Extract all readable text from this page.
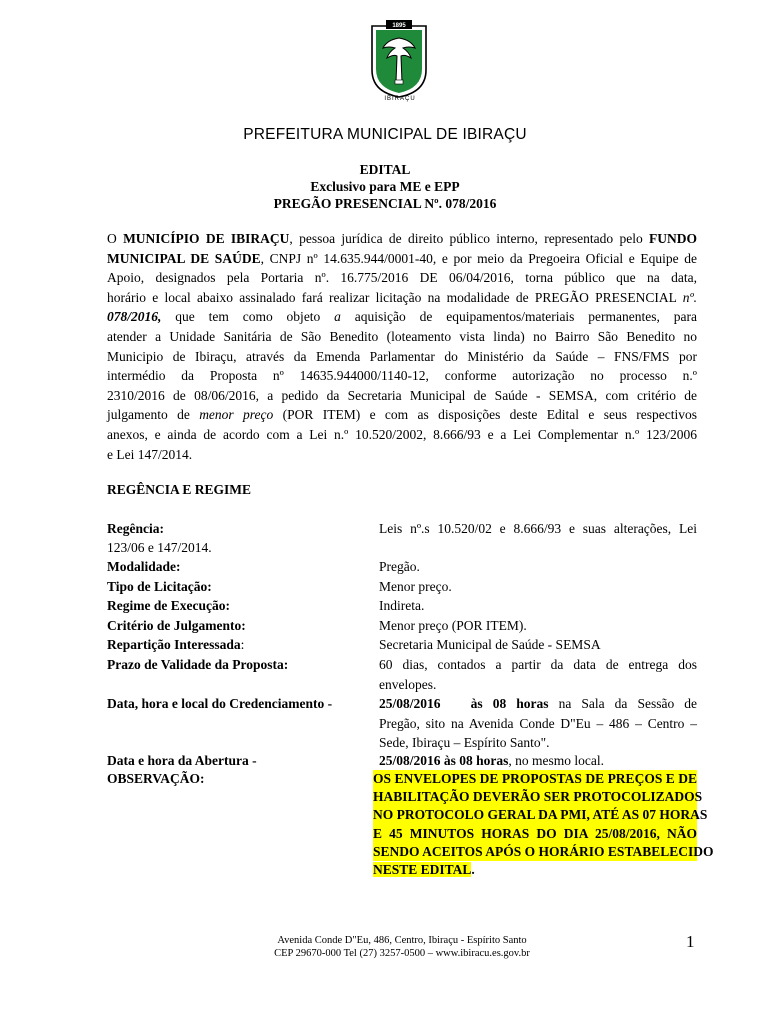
1895
IBIRAÇU
PREFEITURA MUNICIPAL DE IBIRAÇU
EDITAL
Exclusivo para ME e EPP
PREGÃO PRESENCIAL Nº. 078/2016
O MUNICÍPIO DE IBIRAÇU, pessoa jurídica de direito público interno, representado pelo FUNDO
MUNICIPAL DE SAÚDE, CNPJ nº 14.635.944/0001-40, e por meio da Pregoeira Oficial e Equipe de
Apoio, designados pela Portaria nº. 16.775/2016 DE 06/04/2016, torna público que na data,
horário e local abaixo assinalado fará realizar licitação na modalidade de PREGÃO PRESENCIAL nº.
078/2016, que tem como objeto a aquisição de equipamentos/materiais permanentes, para
atender a Unidade Sanitária de São Benedito (loteamento vista linda) no Bairro São Benedito no
Municipio de Ibiraçu, através da Emenda Parlamentar do Ministério da Saúde – FNS/FMS por
intermédio da Proposta nº 14635.944000/1140-12, conforme autorização no processo n.º
2310/2016 de 08/06/2016, a pedido da Secretaria Municipal de Saúde - SEMSA, com critério de
julgamento de menor preço (POR ITEM) e com as disposições deste Edital e seus respectivos
anexos, e ainda de acordo com a Lei n.º 10.520/2002, 8.666/93 e a Lei Complementar n.º 123/2006
e Lei 147/2014.
REGÊNCIA E REGIME
Regência:	Leis nº.s 10.520/02 e 8.666/93 e suas alterações, Lei
123/06 e 147/2014.
Modalidade:	Pregão.
Tipo de Licitação:	Menor preço.
Regime de Execução:	Indireta.
Critério de Julgamento:	Menor preço (POR ITEM).
Repartição Interessada:	Secretaria Municipal de Saúde - SEMSA
Prazo de Validade da Proposta:	60 dias, contados a partir da data de entrega dos
envelopes.
Data, hora e local do Credenciamento -	25/08/2016 às 08 horas na Sala da Sessão de
Pregão, sito na Avenida Conde D"Eu – 486 – Centro –
Sede, Ibiraçu – Espírito Santo".
Data e hora da Abertura -	25/08/2016 às 08 horas, no mesmo local.
OBSERVAÇÃO:	OS ENVELOPES DE PROPOSTAS DE PREÇOS E DE
HABILITAÇÃO DEVERÃO SER PROTOCOLIZADOS
NO PROTOCOLO GERAL DA PMI, ATÉ AS 07 HORAS
E 45 MINUTOS HORAS DO DIA 25/08/2016, NÃO
SENDO ACEITOS APÓS O HORÁRIO ESTABELECIDO
NESTE EDITAL.
Avenida Conde D"Eu, 486, Centro, Ibiraçu - Espírito Santo
CEP 29670-000 Tel (27) 3257-0500 – www.ibiracu.es.gov.br
1
